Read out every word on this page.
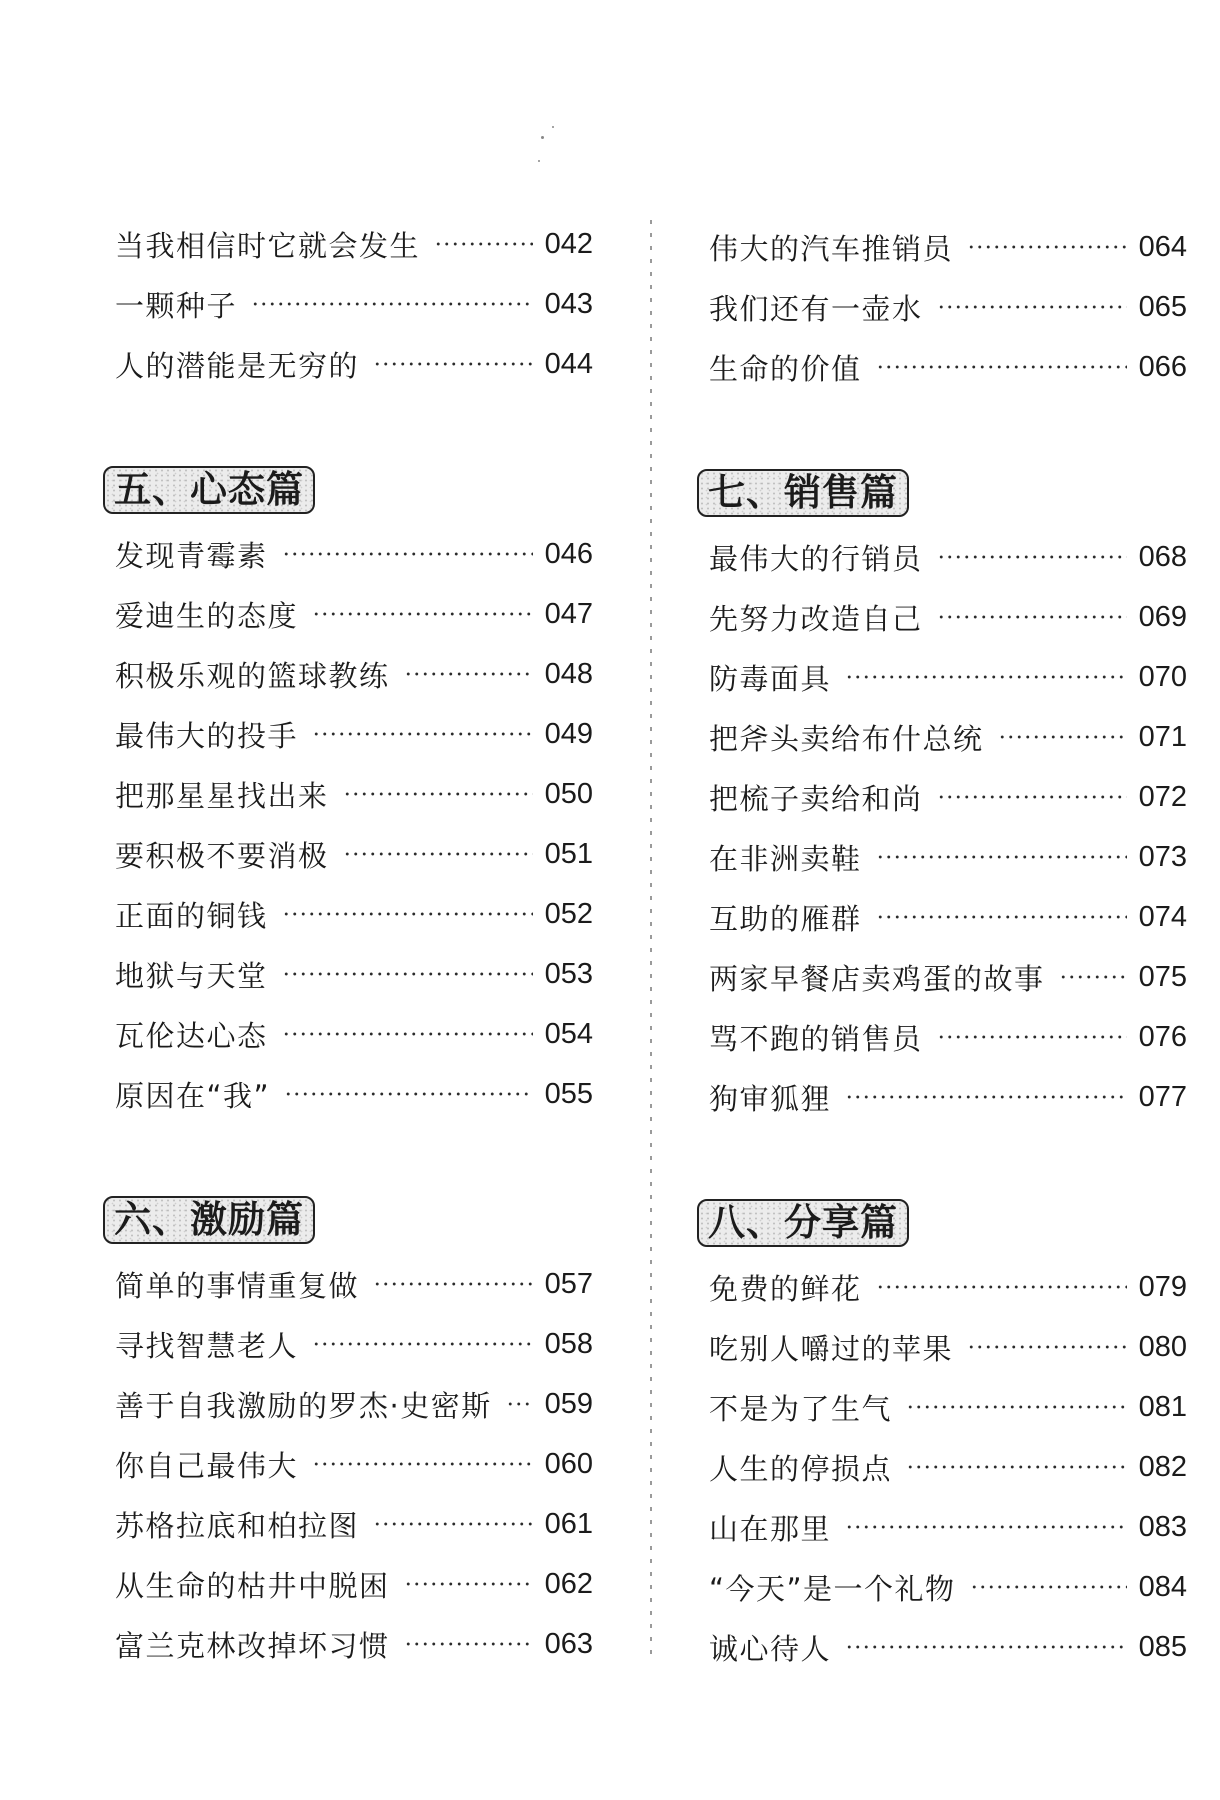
当我相信时它就会发生	042
一颗种子	043
人的潜能是无穷的	044
五、心态篇
发现青霉素	046
爱迪生的态度	047
积极乐观的篮球教练	048
最伟大的投手	049
把那星星找出来	050
要积极不要消极	051
正面的铜钱	052
地狱与天堂	053
瓦伦达心态	054
原因在“我”	055
六、激励篇
简单的事情重复做	057
寻找智慧老人	058
善于自我激励的罗杰·史密斯 059
你自己最伟大	060
苏格拉底和柏拉图	061
从生命的枯井中脱困	062
富兰克林改掉坏习惯	063
伟大的汽车推销员	064
我们还有一壶水	065
生命的价值	066
七、销售篇
最伟大的行销员	068
先努力改造自己	069
防毒面具	070
把斧头卖给布什总统	071
把梳子卖给和尚	072
在非洲卖鞋	073
互助的雁群	074
两家早餐店卖鸡蛋的故事	075
骂不跑的销售员	076
狗审狐狸	077
八、分享篇
免费的鲜花	079
吃别人嚼过的苹果	080
不是为了生气	081
人生的停损点	082
山在那里	083
“今天”是一个礼物	084
诚心待人	085
